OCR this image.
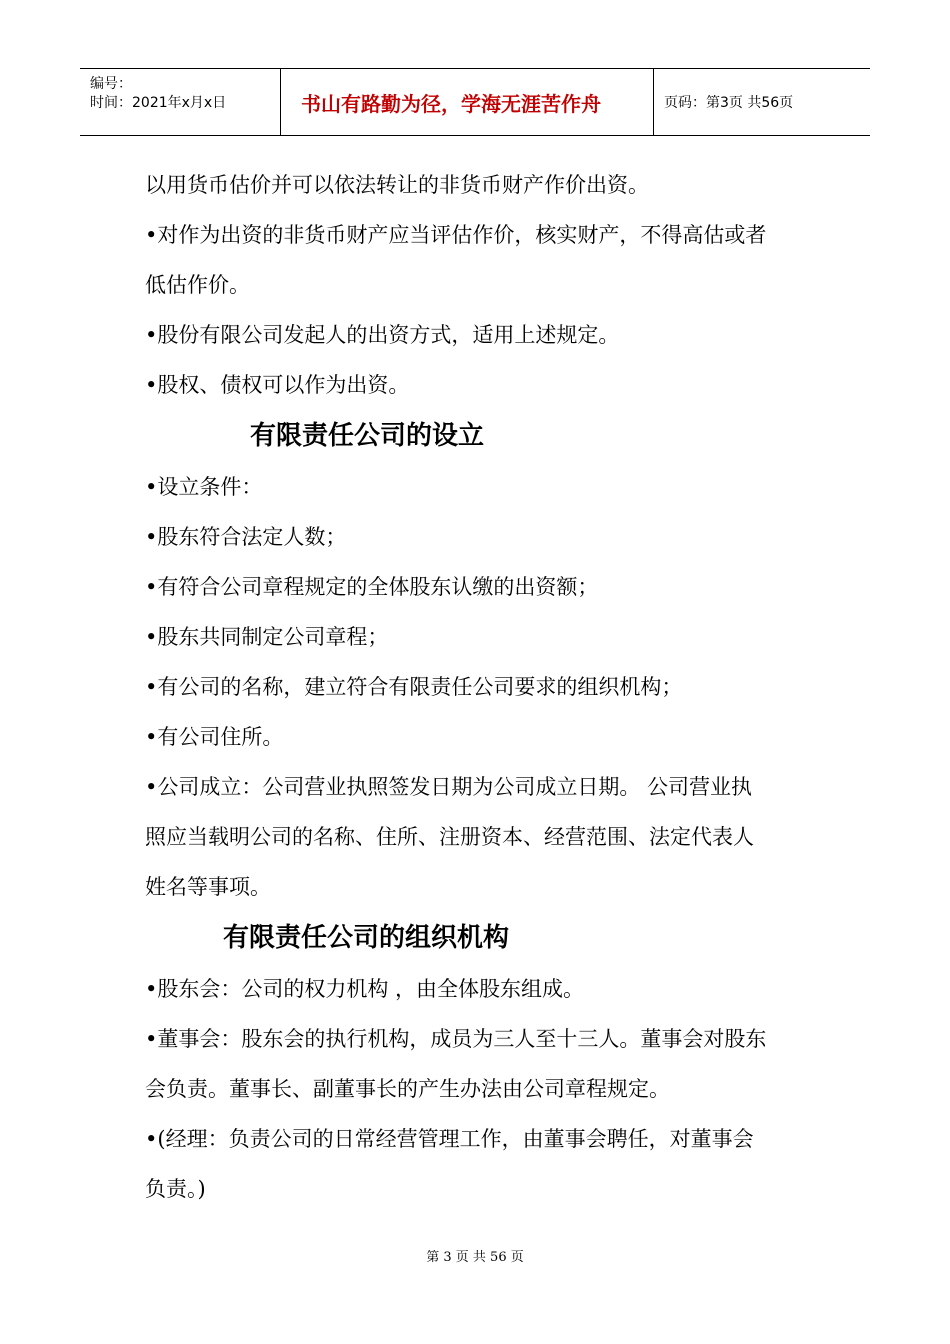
编号：
时间：2021年x月x日	书山有路勤为径，学海无涯苦作舟	页码：第3页 共56页
以用货币估价并可以依法转让的非货币财产作价出资。
•对作为出资的非货币财产应当评估作价，核实财产，不得高估或者
低估作价。
•股份有限公司发起人的出资方式，适用上述规定。
•股权、债权可以作为出资。
有限责任公司的设立
•设立条件：
•股东符合法定人数；
•有符合公司章程规定的全体股东认缴的出资额；
•股东共同制定公司章程；
•有公司的名称，建立符合有限责任公司要求的组织机构；
•有公司住所。
•公司成立：公司营业执照签发日期为公司成立日期。 公司营业执
照应当载明公司的名称、住所、注册资本、经营范围、法定代表人
姓名等事项。
有限责任公司的组织机构
•股东会：公司的权力机构 ，由全体股东组成。
•董事会：股东会的执行机构，成员为三人至十三人。董事会对股东
会负责。董事长、副董事长的产生办法由公司章程规定。
•(经理：负责公司的日常经营管理工作，由董事会聘任，对董事会
负责。)
第 3 页 共 56 页
